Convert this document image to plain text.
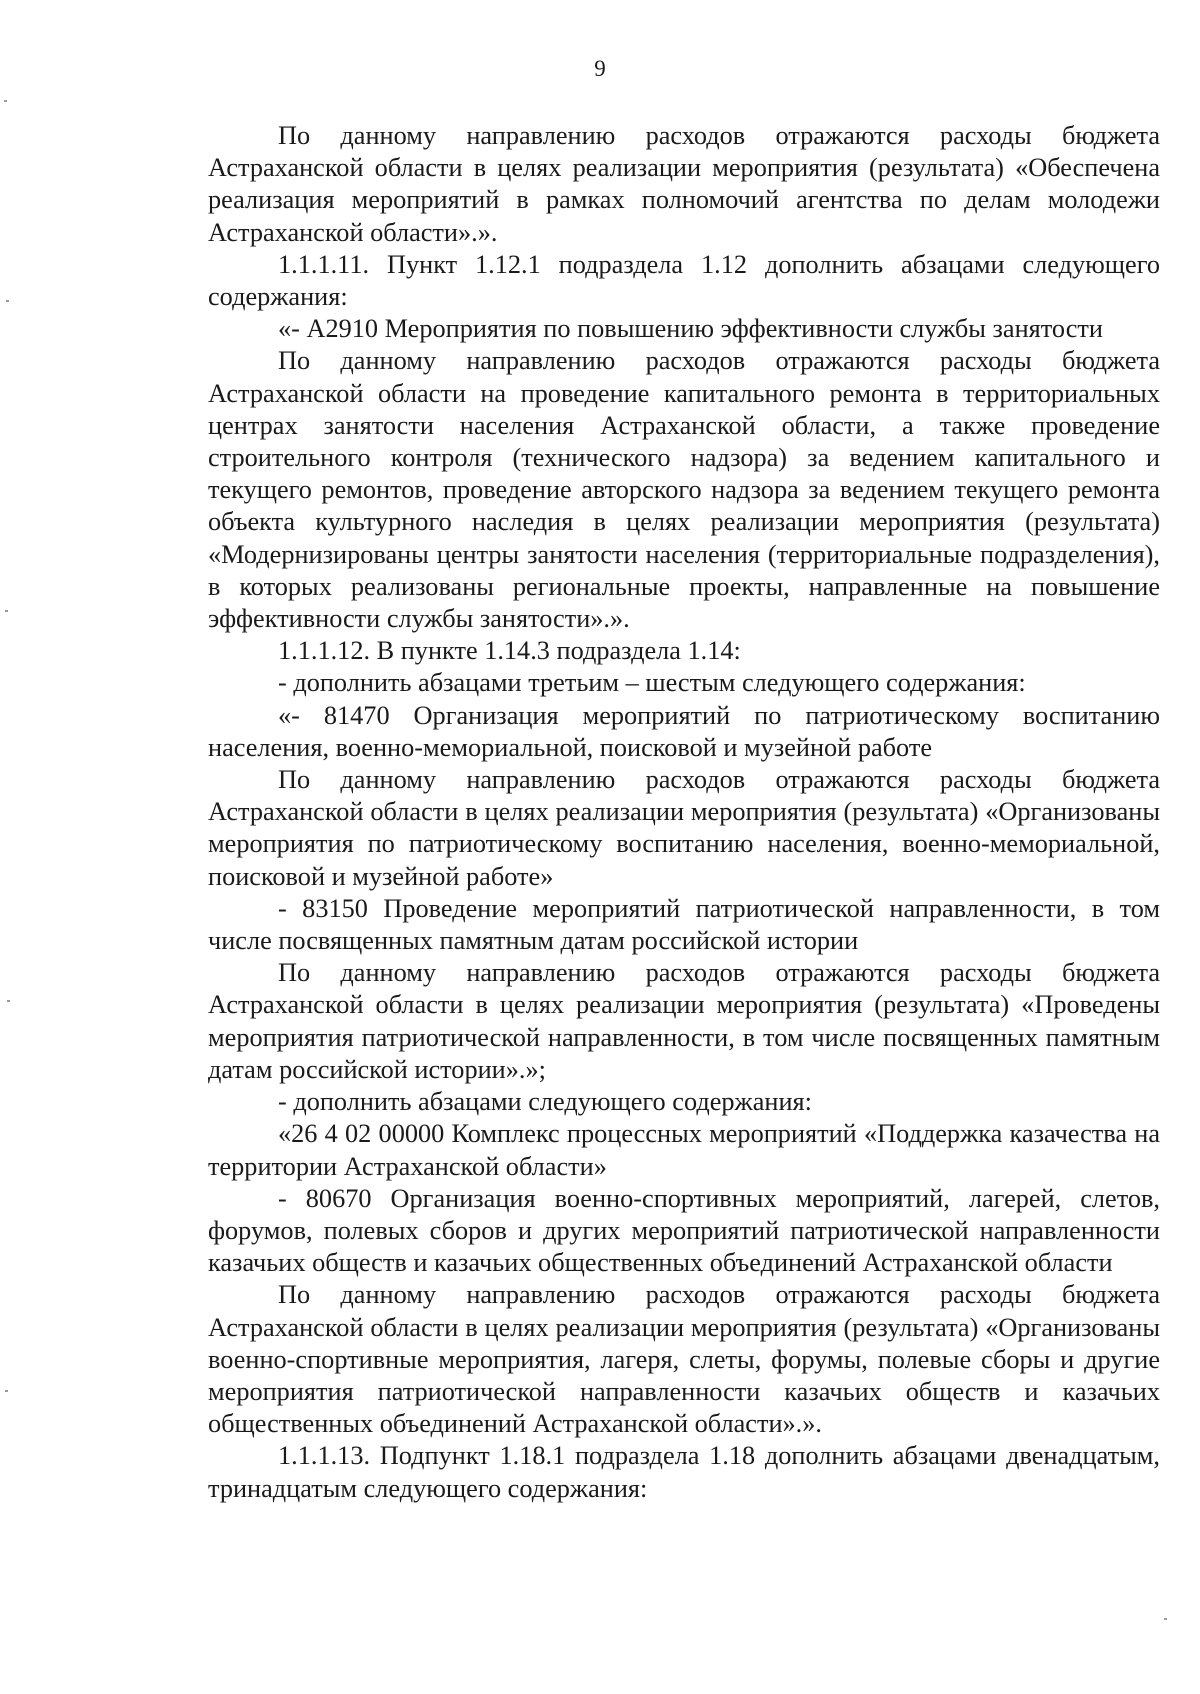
9

По данному направлению расходов отражаются расходы бюджета Астраханской области в целях реализации мероприятия (результата) «Обеспечена реализация мероприятий в рамках полномочий агентства по делам молодежи Астраханской области».».

1.1.1.11. Пункт 1.12.1 подраздела 1.12 дополнить абзацами следующего содержания:

«- А2910 Мероприятия по повышению эффективности службы занятости

По данному направлению расходов отражаются расходы бюджета Астраханской области на проведение капитального ремонта в территориальных центрах занятости населения Астраханской области, а также проведение строительного контроля (технического надзора) за ведением капитального и текущего ремонтов, проведение авторского надзора за ведением текущего ремонта объекта культурного наследия в целях реализации мероприятия (результата) «Модернизированы центры занятости населения (территориальные подразделения), в которых реализованы региональные проекты, направленные на повышение эффективности службы занятости».».

1.1.1.12. В пункте 1.14.3 подраздела 1.14:

- дополнить абзацами третьим – шестым следующего содержания:

«- 81470 Организация мероприятий по патриотическому воспитанию населения, военно-мемориальной, поисковой и музейной работе

По данному направлению расходов отражаются расходы бюджета Астраханской области в целях реализации мероприятия (результата) «Организованы мероприятия по патриотическому воспитанию населения, военно-мемориальной, поисковой и музейной работе»

- 83150 Проведение мероприятий патриотической направленности, в том числе посвященных памятным датам российской истории

По данному направлению расходов отражаются расходы бюджета Астраханской области в целях реализации мероприятия (результата) «Проведены мероприятия патриотической направленности, в том числе посвященных памятным датам российской истории».»;

- дополнить абзацами следующего содержания:

«26 4 02 00000 Комплекс процессных мероприятий «Поддержка казачества на территории Астраханской области»

- 80670 Организация военно-спортивных мероприятий, лагерей, слетов, форумов, полевых сборов и других мероприятий патриотической направленности казачьих обществ и казачьих общественных объединений Астраханской области

По данному направлению расходов отражаются расходы бюджета Астраханской области в целях реализации мероприятия (результата) «Организованы военно-спортивные мероприятия, лагеря, слеты, форумы, полевые сборы и другие мероприятия патриотической направленности казачьих обществ и казачьих общественных объединений Астраханской области».».

1.1.1.13. Подпункт 1.18.1 подраздела 1.18 дополнить абзацами двенадцатым, тринадцатым следующего содержания:
